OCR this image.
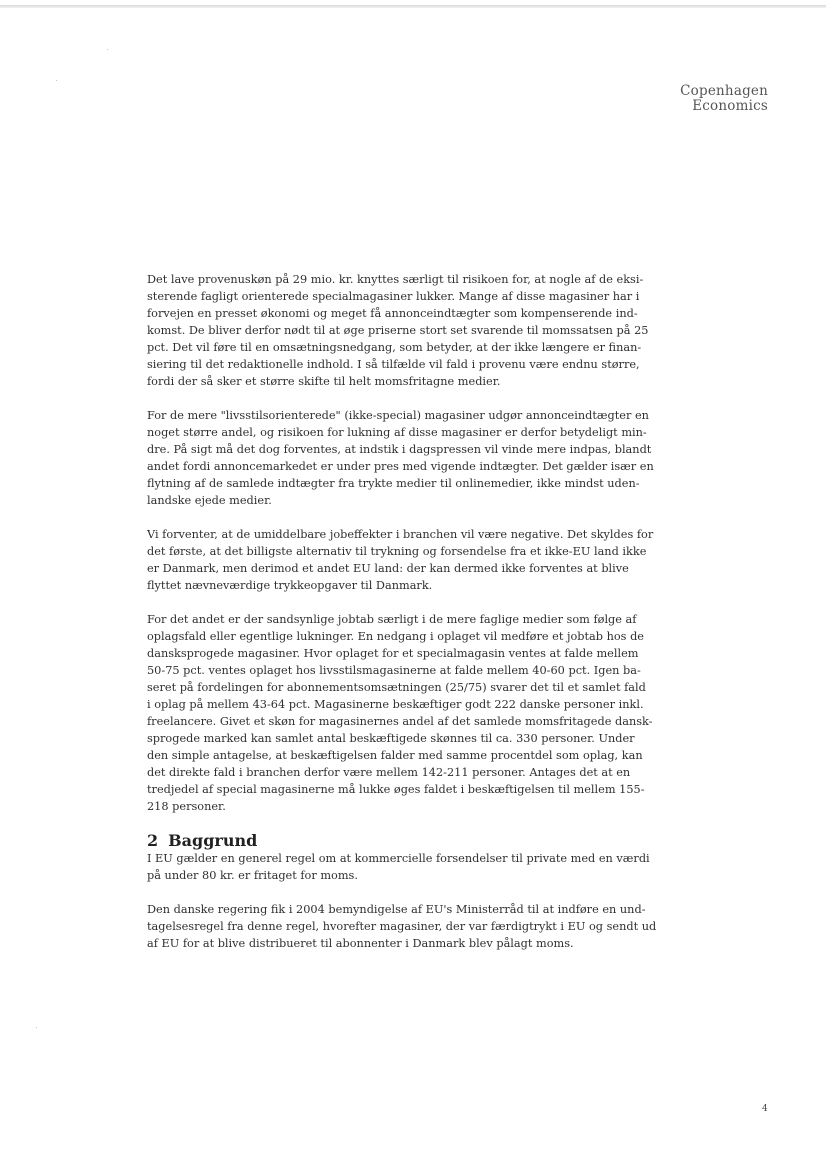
Copenhagen
Economics

Det lave provenuskøn på 29 mio. kr. knyttes særligt til risikoen for, at nogle af de eksi-
sterende fagligt orienterede specialmagasiner lukker. Mange af disse magasiner har i
forvejen en presset økonomi og meget få annonceindtægter som kompenserende ind-
komst. De bliver derfor nødt til at øge priserne stort set svarende til momssatsen på 25
pct. Det vil føre til en omsætningsnedgang, som betyder, at der ikke længere er finan-
siering til det redaktionelle indhold. I så tilfælde vil fald i provenu være endnu større,
fordi der så sker et større skifte til helt momsfritagne medier.

For de mere "livsstilsorienterede" (ikke-special) magasiner udgør annonceindtægter en
noget større andel, og risikoen for lukning af disse magasiner er derfor betydeligt min-
dre. På sigt må det dog forventes, at indstik i dagspressen vil vinde mere indpas, blandt
andet fordi annoncemarkedet er under pres med vigende indtægter. Det gælder især en
flytning af de samlede indtægter fra trykte medier til onlinemedier, ikke mindst uden-
landske ejede medier.

Vi forventer, at de umiddelbare jobeffekter i branchen vil være negative. Det skyldes for
det første, at det billigste alternativ til trykning og forsendelse fra et ikke-EU land ikke
er Danmark, men derimod et andet EU land: der kan dermed ikke forventes at blive
flyttet nævneværdige trykkeopgaver til Danmark.

For det andet er der sandsynlige jobtab særligt i de mere faglige medier som følge af
oplagsfald eller egentlige lukninger. En nedgang i oplaget vil medføre et jobtab hos de
dansksprogede magasiner. Hvor oplaget for et specialmagasin ventes at falde mellem
50-75 pct. ventes oplaget hos livsstilsmagasinerne at falde mellem 40-60 pct. Igen ba-
seret på fordelingen for abonnementsomsætningen (25/75) svarer det til et samlet fald
i oplag på mellem 43-64 pct. Magasinerne beskæftiger godt 222 danske personer inkl.
freelancere. Givet et skøn for magasinernes andel af det samlede momsfritagede dansk-
sprogede marked kan samlet antal beskæftigede skønnes til ca. 330 personer. Under
den simple antagelse, at beskæftigelsen falder med samme procentdel som oplag, kan
det direkte fald i branchen derfor være mellem 142-211 personer. Antages det at en
tredjedel af special magasinerne må lukke øges faldet i beskæftigelsen til mellem 155-
218 personer.

2 Baggrund

I EU gælder en generel regel om at kommercielle forsendelser til private med en værdi
på under 80 kr. er fritaget for moms.

Den danske regering fik i 2004 bemyndigelse af EU's Ministerråd til at indføre en und-
tagelsesregel fra denne regel, hvorefter magasiner, der var færdigtrykt i EU og sendt ud
af EU for at blive distribueret til abonnenter i Danmark blev pålagt moms.

4
